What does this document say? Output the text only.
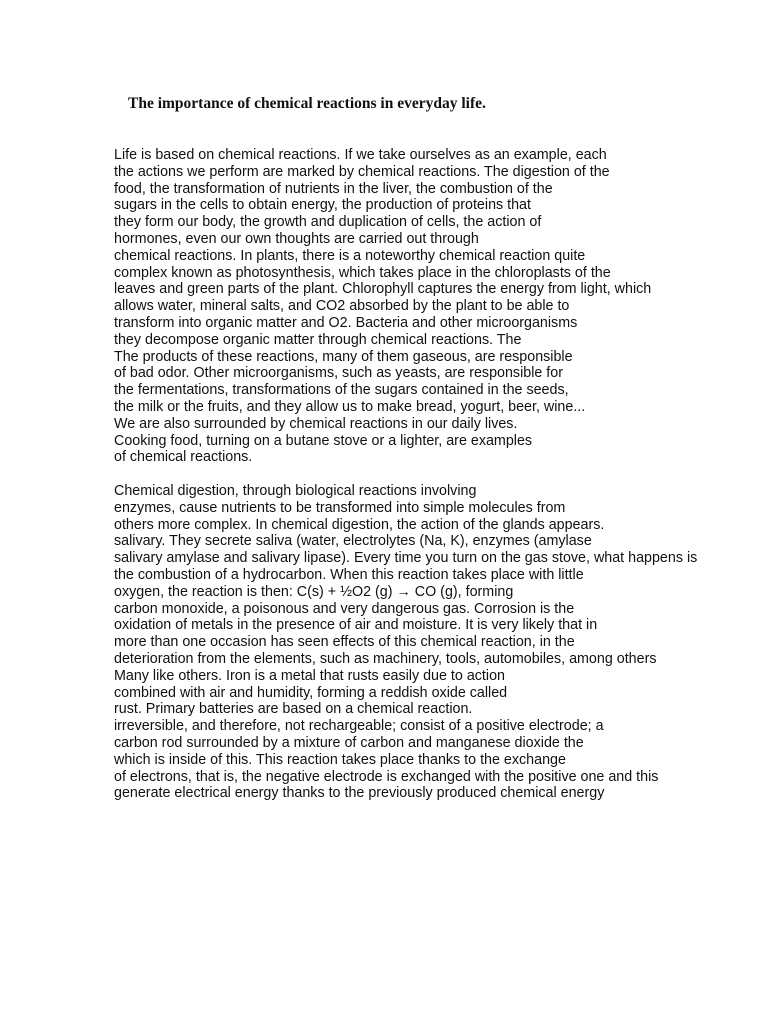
The importance of chemical reactions in everyday life.
Life is based on chemical reactions. If we take ourselves as an example, each
the actions we perform are marked by chemical reactions. The digestion of the
food, the transformation of nutrients in the liver, the combustion of the
sugars in the cells to obtain energy, the production of proteins that
they form our body, the growth and duplication of cells, the action of
hormones, even our own thoughts are carried out through
chemical reactions. In plants, there is a noteworthy chemical reaction quite
complex known as photosynthesis, which takes place in the chloroplasts of the
leaves and green parts of the plant. Chlorophyll captures the energy from light, which
allows water, mineral salts, and CO2 absorbed by the plant to be able to
transform into organic matter and O2. Bacteria and other microorganisms
they decompose organic matter through chemical reactions. The
The products of these reactions, many of them gaseous, are responsible
of bad odor. Other microorganisms, such as yeasts, are responsible for
the fermentations, transformations of the sugars contained in the seeds,
the milk or the fruits, and they allow us to make bread, yogurt, beer, wine...
We are also surrounded by chemical reactions in our daily lives.
Cooking food, turning on a butane stove or a lighter, are examples
of chemical reactions.
Chemical digestion, through biological reactions involving
enzymes, cause nutrients to be transformed into simple molecules from
others more complex. In chemical digestion, the action of the glands appears.
salivary. They secrete saliva (water, electrolytes (Na, K), enzymes (amylase
salivary amylase and salivary lipase). Every time you turn on the gas stove, what happens is
the combustion of a hydrocarbon. When this reaction takes place with little
oxygen, the reaction is then: C(s) + ½O2 (g) → CO (g), forming
carbon monoxide, a poisonous and very dangerous gas. Corrosion is the
oxidation of metals in the presence of air and moisture. It is very likely that in
more than one occasion has seen effects of this chemical reaction, in the
deterioration from the elements, such as machinery, tools, automobiles, among others
Many like others. Iron is a metal that rusts easily due to action
combined with air and humidity, forming a reddish oxide called
rust. Primary batteries are based on a chemical reaction.
irreversible, and therefore, not rechargeable; consist of a positive electrode; a
carbon rod surrounded by a mixture of carbon and manganese dioxide the
which is inside of this. This reaction takes place thanks to the exchange
of electrons, that is, the negative electrode is exchanged with the positive one and this
generate electrical energy thanks to the previously produced chemical energy
